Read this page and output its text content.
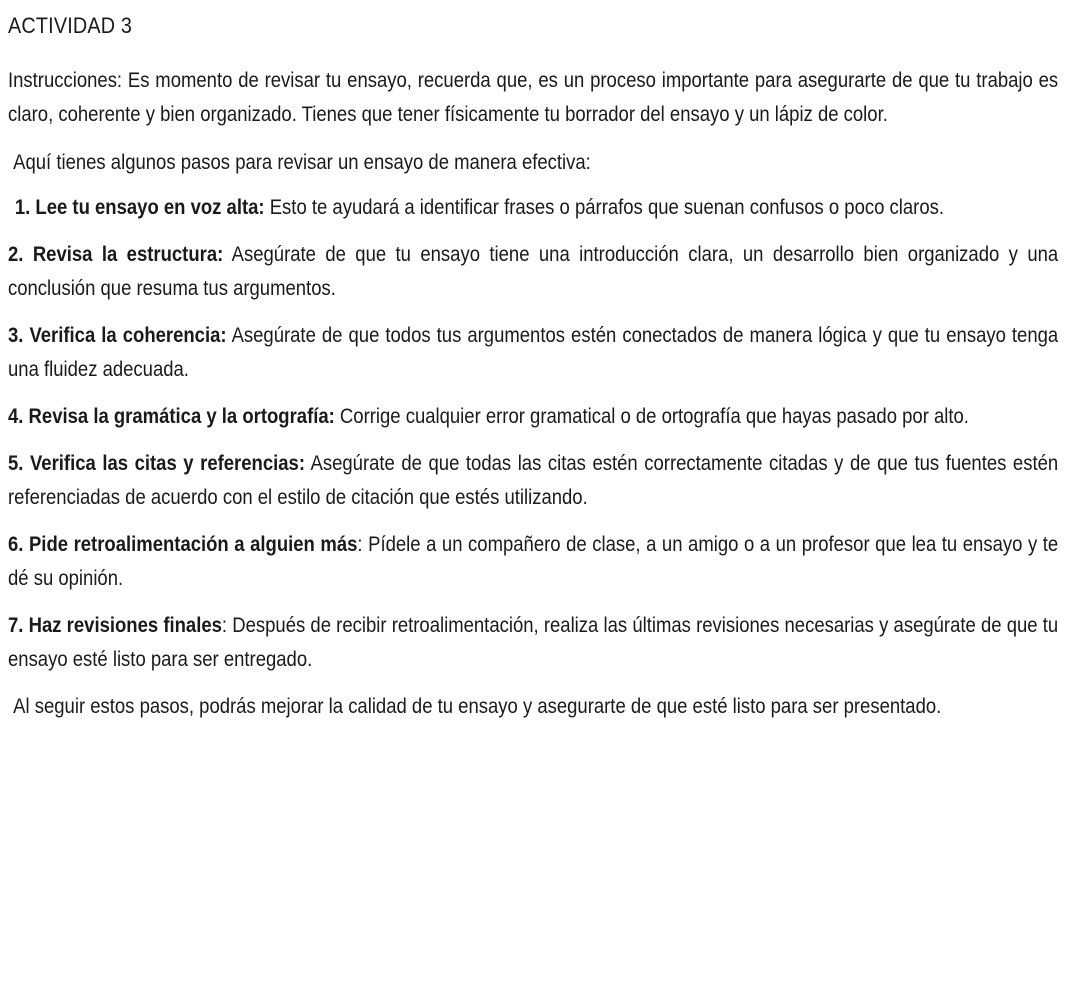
ACTIVIDAD 3

Instrucciones: Es momento de revisar tu ensayo, recuerda que, es un proceso importante para asegurarte de que tu trabajo es claro, coherente y bien organizado. Tienes que tener físicamente tu borrador del ensayo y un lápiz de color.

Aquí tienes algunos pasos para revisar un ensayo de manera efectiva:

1. Lee tu ensayo en voz alta: Esto te ayudará a identificar frases o párrafos que suenan confusos o poco claros.

2. Revisa la estructura: Asegúrate de que tu ensayo tiene una introducción clara, un desarrollo bien organizado y una conclusión que resuma tus argumentos.

3. Verifica la coherencia: Asegúrate de que todos tus argumentos estén conectados de manera lógica y que tu ensayo tenga una fluidez adecuada.

4. Revisa la gramática y la ortografía: Corrige cualquier error gramatical o de ortografía que hayas pasado por alto.

5. Verifica las citas y referencias: Asegúrate de que todas las citas estén correctamente citadas y de que tus fuentes estén referenciadas de acuerdo con el estilo de citación que estés utilizando.

6. Pide retroalimentación a alguien más: Pídele a un compañero de clase, a un amigo o a un profesor que lea tu ensayo y te dé su opinión.

7. Haz revisiones finales: Después de recibir retroalimentación, realiza las últimas revisiones necesarias y asegúrate de que tu ensayo esté listo para ser entregado.

Al seguir estos pasos, podrás mejorar la calidad de tu ensayo y asegurarte de que esté listo para ser presentado.
